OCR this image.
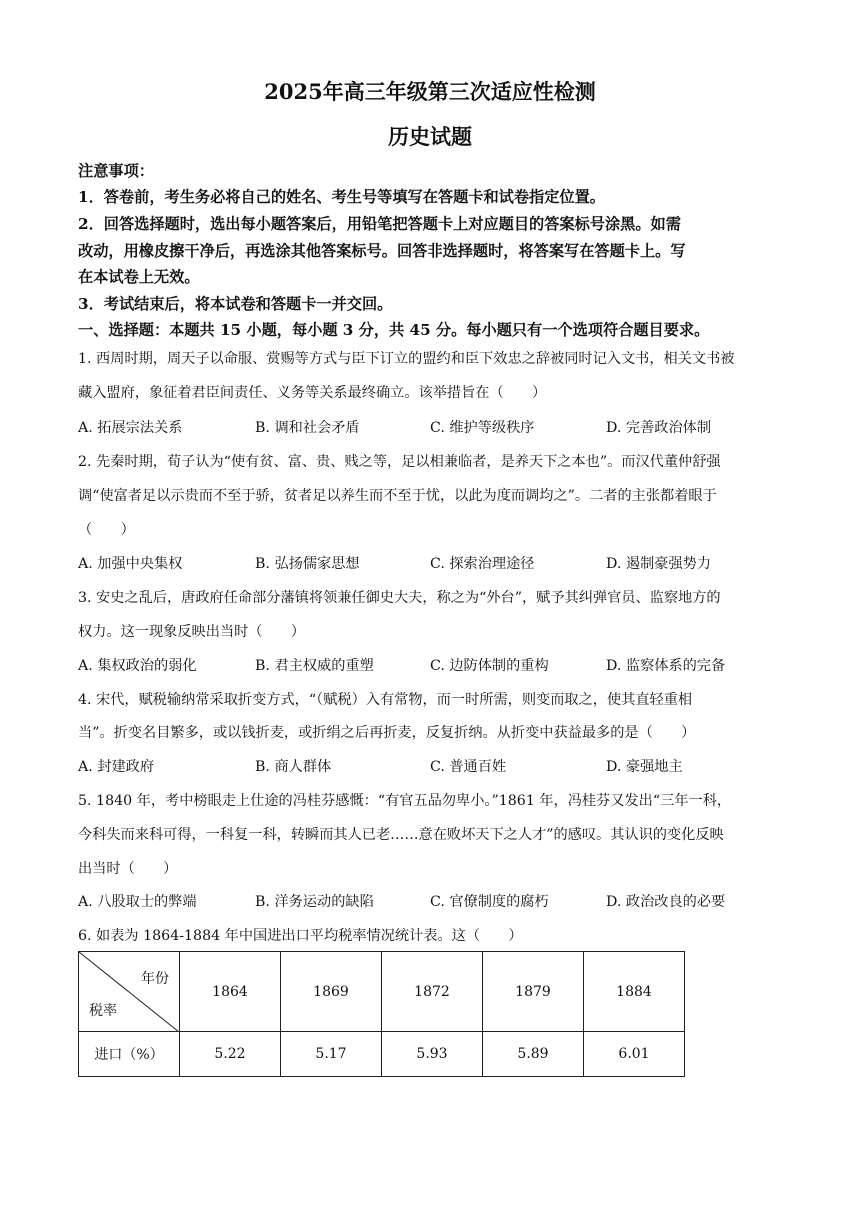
2025年高三年级第三次适应性检测
历史试题
注意事项：
1．答卷前，考生务必将自己的姓名、考生号等填写在答题卡和试卷指定位置。
2．回答选择题时，选出每小题答案后，用铅笔把答题卡上对应题目的答案标号涂黑。如需
改动，用橡皮擦干净后，再选涂其他答案标号。回答非选择题时，将答案写在答题卡上。写
在本试卷上无效。
3．考试结束后，将本试卷和答题卡一并交回。
一、选择题：本题共 15 小题，每小题 3 分，共 45 分。每小题只有一个选项符合题目要求。
1. 西周时期，周天子以命服、赏赐等方式与臣下订立的盟约和臣下效忠之辞被同时记入文书，相关文书被
藏入盟府，象征着君臣间责任、义务等关系最终确立。该举措旨在（　　）
A. 拓展宗法关系	B. 调和社会矛盾	C. 维护等级秩序	D. 完善政治体制
2. 先秦时期，荀子认为“使有贫、富、贵、贱之等，足以相兼临者，是养天下之本也”。而汉代董仲舒强
调“使富者足以示贵而不至于骄，贫者足以养生而不至于忧，以此为度而调均之”。二者的主张都着眼于
（　　）
A. 加强中央集权	B. 弘扬儒家思想	C. 探索治理途径	D. 遏制豪强势力
3. 安史之乱后，唐政府任命部分藩镇将领兼任御史大夫，称之为“外台”，赋予其纠弹官员、监察地方的
权力。这一现象反映出当时（　　）
A. 集权政治的弱化	B. 君主权威的重塑	C. 边防体制的重构	D. 监察体系的完备
4. 宋代，赋税输纳常采取折变方式，“（赋税）入有常物，而一时所需，则变而取之，使其直轻重相
当”。折变名目繁多，或以钱折麦，或折绢之后再折麦，反复折纳。从折变中获益最多的是（　　）
A. 封建政府	B. 商人群体	C. 普通百姓	D. 豪强地主
5. 1840 年，考中榜眼走上仕途的冯桂芬感慨：“有官五品勿卑小。”1861 年，冯桂芬又发出“三年一科，
今科失而来科可得，一科复一科，转瞬而其人已老……意在败坏天下之人才”的感叹。其认识的变化反映
出当时（　　）
A. 八股取士的弊端	B. 洋务运动的缺陷	C. 官僚制度的腐朽	D. 政治改良的必要
6. 如表为 1864-1884 年中国进出口平均税率情况统计表。这（　　）
年份
税率	1864	1869	1872	1879	1884
进口（%）	5.22	5.17	5.93	5.89	6.01
